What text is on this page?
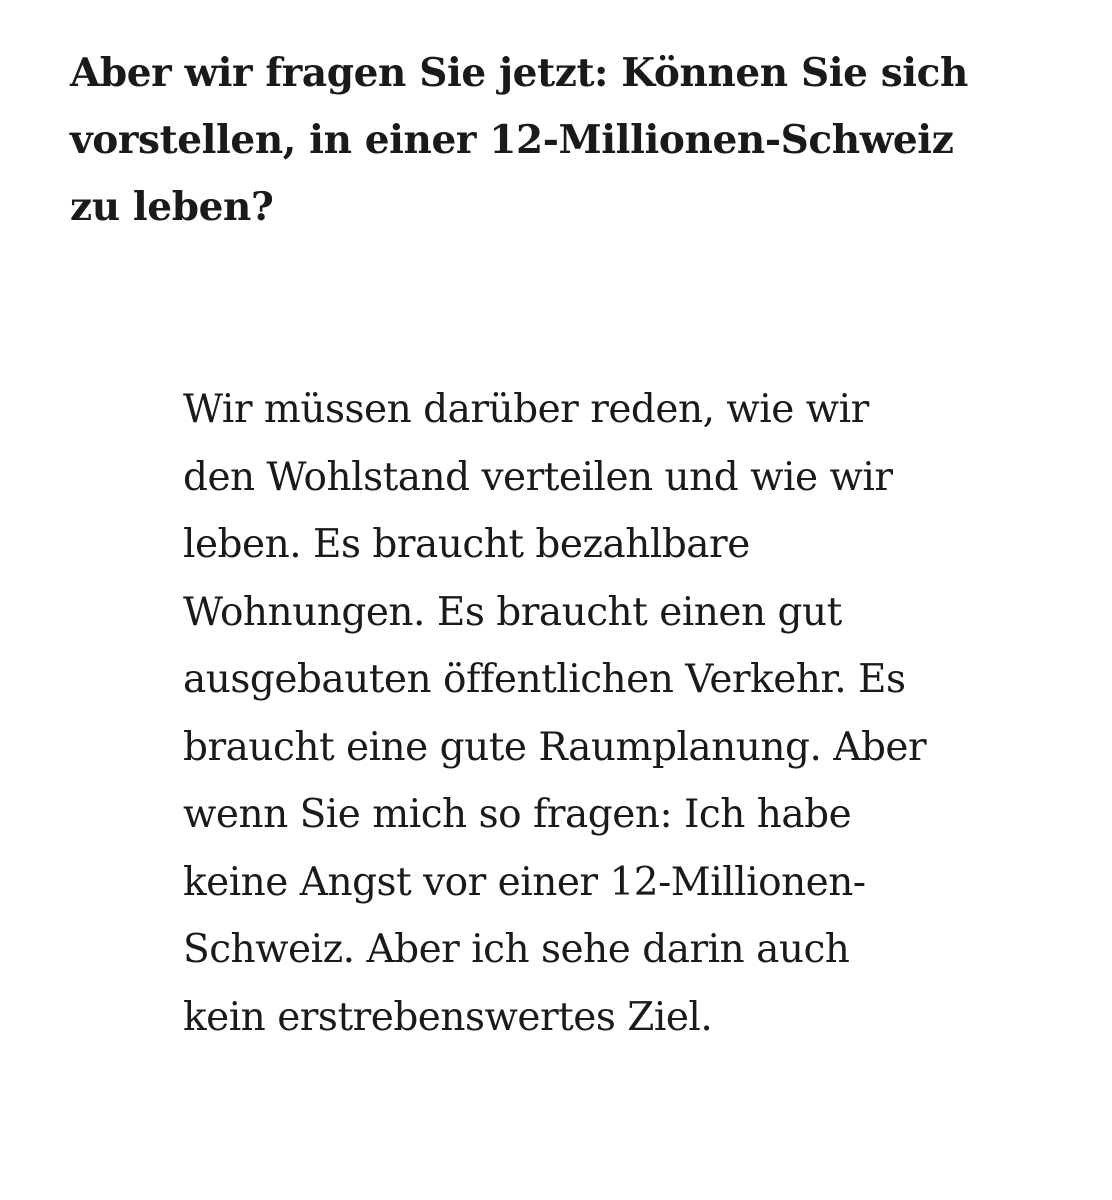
Aber wir fragen Sie jetzt: Können Sie sich
vorstellen, in einer 12-Millionen-Schweiz
zu leben?

Wir müssen darüber reden, wie wir
den Wohlstand verteilen und wie wir
leben. Es braucht bezahlbare
Wohnungen. Es braucht einen gut
ausgebauten öffentlichen Verkehr. Es
braucht eine gute Raumplanung. Aber
wenn Sie mich so fragen: Ich habe
keine Angst vor einer 12-Millionen-
Schweiz. Aber ich sehe darin auch
kein erstrebenswertes Ziel.
